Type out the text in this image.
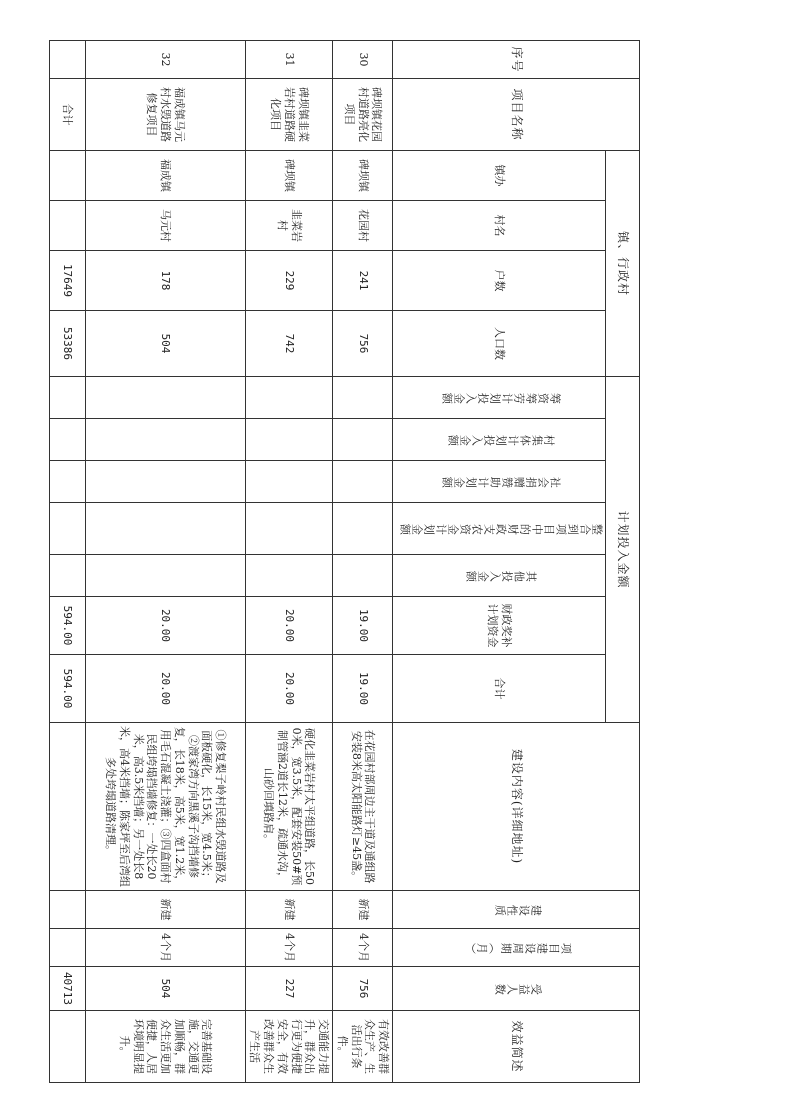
序号	项目名称	镇、行政村				计划投入金额							建设内容(详细地址)	建设性质	项目建设周期（月）	受益人数	效益简述
		镇办	村名	户数	人口数	筹资筹劳计划投入金额	村集体计划投入金额	社会捐赠赞助计划金额	整合到项目中的财政支农资金计划金额	其他投入金额	财政奖补计划资金	合计					
30	碑坝镇花园村道路亮化项目	碑坝镇	花园村	241	756						19.00	19.00	在花园村部周边主干道及通组路安装8米高太阳能路灯≥45盏。	新建	4个月	756	有效改善群众生产、生活出行条件。
31	碑坝镇韭菜岩村道路硬化项目	碑坝镇	韭菜岩村	229	742						20.00	20.00	硬化韭菜岩村太平组道路，长500米，宽3.5米，配套安装50#预制管涵2道长12米，疏通水沟，山砂回填路肩。	新建	4个月	227	交通能力提升，群众出行更为便捷安全，有效改善群众生产生活
32	福成镇马元村水毁道路修复项目	福成镇	马元村	178	504						20.00	20.00	①修复梨子岭村民组水毁道路及面板硬化，长15米，宽4.5米；②渡家湾方向黑溪子沟挡墙修复，长18米，高5米，宽1.2米，用毛石混凝土浇灌；③四盒面村民组垮塌挡墙修复：一处长20米，高3.5米挡墙；另一处长8米，高4米挡墙；陈家坪至后湾组多处垮塌道路清理。	新建	4个月	504	完善基础设施，交通更加顺畅，群众生活更加便捷，人居环境明显提升。
	合计			17649	53386						594.00	594.00				40713	
